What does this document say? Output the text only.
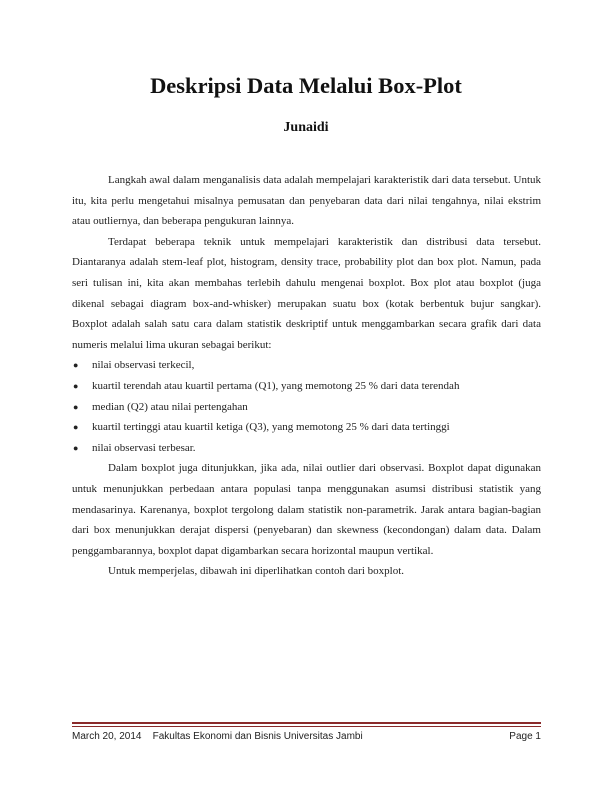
Deskripsi Data Melalui Box-Plot
Junaidi

Langkah awal dalam menganalisis data adalah mempelajari karakteristik dari data tersebut. Untuk itu, kita perlu mengetahui misalnya pemusatan dan penyebaran data dari nilai tengahnya, nilai ekstrim atau outliernya, dan beberapa pengukuran lainnya.

Terdapat beberapa teknik untuk mempelajari karakteristik dan distribusi data tersebut. Diantaranya adalah stem-leaf plot, histogram, density trace, probability plot dan box plot. Namun, pada seri tulisan ini, kita akan membahas terlebih dahulu mengenai boxplot. Box plot atau boxplot (juga dikenal sebagai diagram box-and-whisker) merupakan suatu box (kotak berbentuk bujur sangkar). Boxplot adalah salah satu cara dalam statistik deskriptif untuk menggambarkan secara grafik dari data numeris melalui lima ukuran sebagai berikut:

● nilai observasi terkecil,
● kuartil terendah atau kuartil pertama (Q1), yang memotong 25 % dari data terendah
● median (Q2) atau nilai pertengahan
● kuartil tertinggi atau kuartil ketiga (Q3), yang memotong 25 % dari data tertinggi
● nilai observasi terbesar.

Dalam boxplot juga ditunjukkan, jika ada, nilai outlier dari observasi. Boxplot dapat digunakan untuk menunjukkan perbedaan antara populasi tanpa menggunakan asumsi distribusi statistik yang mendasarinya. Karenanya, boxplot tergolong dalam statistik non-parametrik. Jarak antara bagian-bagian dari box menunjukkan derajat dispersi (penyebaran) dan skewness (kecondongan) dalam data. Dalam penggambarannya, boxplot dapat digambarkan secara horizontal maupun vertikal.

Untuk memperjelas, dibawah ini diperlihatkan contoh dari boxplot.

March 20, 2014    Fakultas Ekonomi dan Bisnis Universitas Jambi	Page 1
